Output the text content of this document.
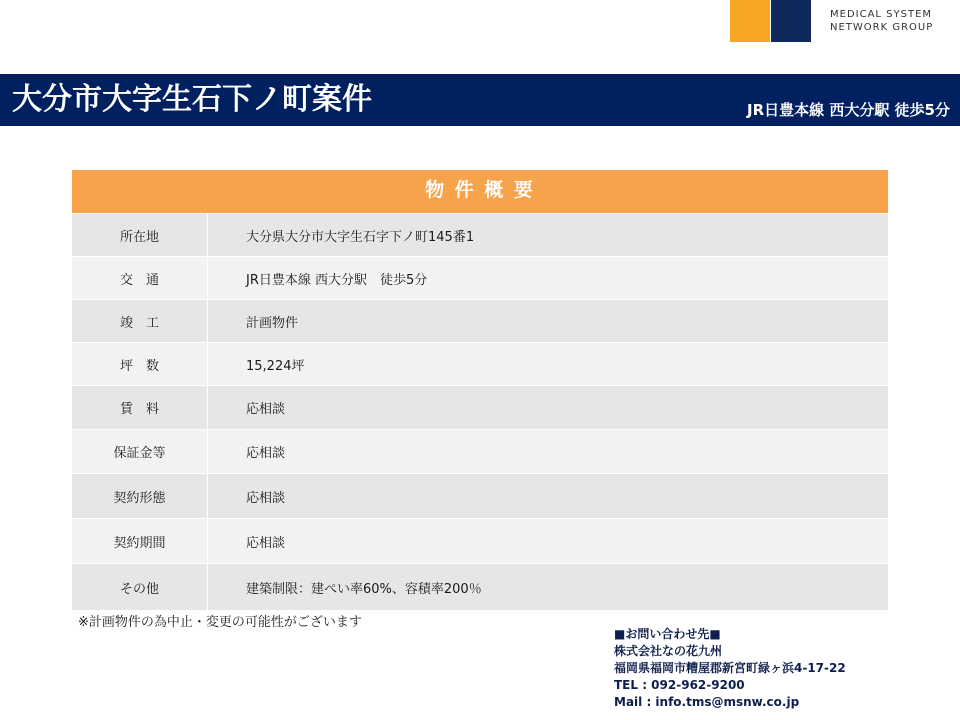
MEDICAL SYSTEM
NETWORK GROUP
大分市大字生石下ノ町案件	JR日豊本線 西大分駅 徒歩5分
物 件 概 要
所在地	大分県大分市大字生石字下ノ町145番1
交　通	JR日豊本線 西大分駅　徒歩5分
竣　工	計画物件
坪　数	15,224坪
賃　料	応相談
保証金等	応相談
契約形態	応相談
契約期間	応相談
その他	建築制限：建ぺい率60%、容積率200％
※計画物件の為中止・変更の可能性がございます
■お問い合わせ先■
株式会社なの花九州
福岡県福岡市糟屋郡新宮町緑ヶ浜4-17-22
TEL : 092-962-9200
Mail : info.tms@msnw.co.jp
